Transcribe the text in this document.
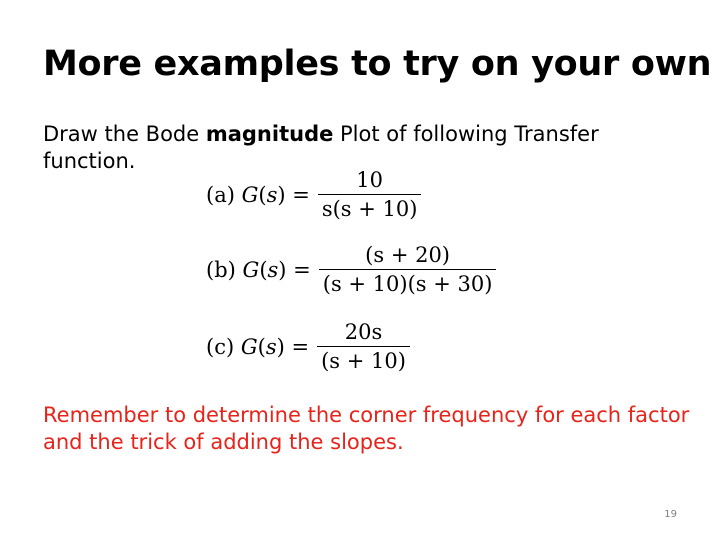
More examples to try on your own
Draw the Bode magnitude Plot of following Transfer function.
(a) $G(s) = \frac{10}{s(s + 10)}$
(b) $G(s) = \frac{(s + 20)}{(s + 10)(s + 30)}$
(c) $G(s) = \frac{20s}{(s + 10)}$
Remember to determine the corner frequency for each factor and the trick of adding the slopes.
19
